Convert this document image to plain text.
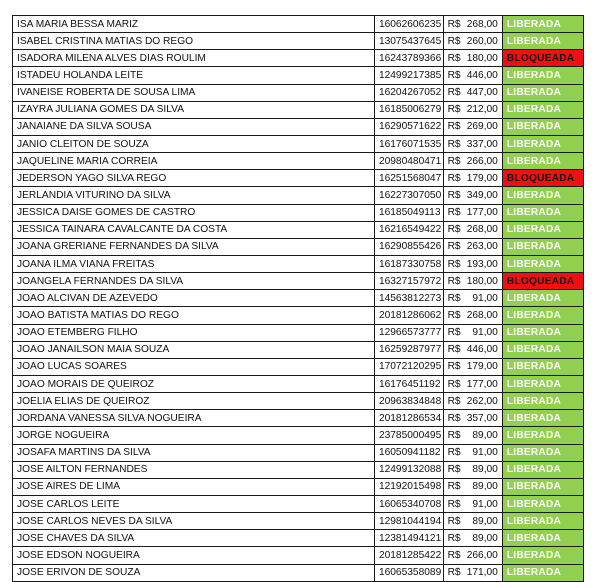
ISA MARIA BESSA MARIZ	16062606235	R$ 268,00	LIBERADA
ISABEL CRISTINA MATIAS DO REGO	13075437645	R$ 260,00	LIBERADA
ISADORA MILENA ALVES DIAS ROULIM	16243789366	R$ 180,00	BLOQUEADA
ISTADEU HOLANDA LEITE	12499217385	R$ 446,00	LIBERADA
IVANEISE ROBERTA DE SOUSA LIMA	16204267052	R$ 447,00	LIBERADA
IZAYRA JULIANA GOMES DA SILVA	16185006279	R$ 212,00	LIBERADA
JANAIANE DA SILVA SOUSA	16290571622	R$ 269,00	LIBERADA
JANIO CLEITON DE SOUZA	16176071535	R$ 337,00	LIBERADA
JAQUELINE MARIA CORREIA	20980480471	R$ 266,00	LIBERADA
JEDERSON YAGO SILVA REGO	16251568047	R$ 179,00	BLOQUEADA
JERLANDIA VITURINO DA SILVA	16227307050	R$ 349,00	LIBERADA
JESSICA DAISE GOMES DE CASTRO	16185049113	R$ 177,00	LIBERADA
JESSICA TAINARA CAVALCANTE DA COSTA	16216549422	R$ 268,00	LIBERADA
JOANA GRERIANE FERNANDES DA SILVA	16290855426	R$ 263,00	LIBERADA
JOANA ILMA VIANA FREITAS	16187330758	R$ 193,00	LIBERADA
JOANGELA FERNANDES DA SILVA	16327157972	R$ 180,00	BLOQUEADA
JOAO ALCIVAN DE AZEVEDO	14563812273	R$ 91,00	LIBERADA
JOAO BATISTA MATIAS DO REGO	20181286062	R$ 268,00	LIBERADA
JOAO ETEMBERG FILHO	12966573777	R$ 91,00	LIBERADA
JOAO JANAILSON MAIA SOUZA	16259287977	R$ 446,00	LIBERADA
JOAO LUCAS SOARES	17072120295	R$ 179,00	LIBERADA
JOAO MORAIS DE QUEIROZ	16176451192	R$ 177,00	LIBERADA
JOELIA ELIAS DE QUEIROZ	20963834848	R$ 262,00	LIBERADA
JORDANA VANESSA SILVA NOGUEIRA	20181286534	R$ 357,00	LIBERADA
JORGE NOGUEIRA	23785000495	R$ 89,00	LIBERADA
JOSAFA MARTINS DA SILVA	16050941182	R$ 91,00	LIBERADA
JOSE AILTON FERNANDES	12499132088	R$ 89,00	LIBERADA
JOSE AIRES DE LIMA	12192015498	R$ 89,00	LIBERADA
JOSE CARLOS LEITE	16065340708	R$ 91,00	LIBERADA
JOSE CARLOS NEVES DA SILVA	12981044194	R$ 89,00	LIBERADA
JOSE CHAVES DA SILVA	12381494121	R$ 89,00	LIBERADA
JOSE EDSON NOGUEIRA	20181285422	R$ 266,00	LIBERADA
JOSE ERIVON DE SOUZA	16065358089	R$ 171,00	LIBERADA
